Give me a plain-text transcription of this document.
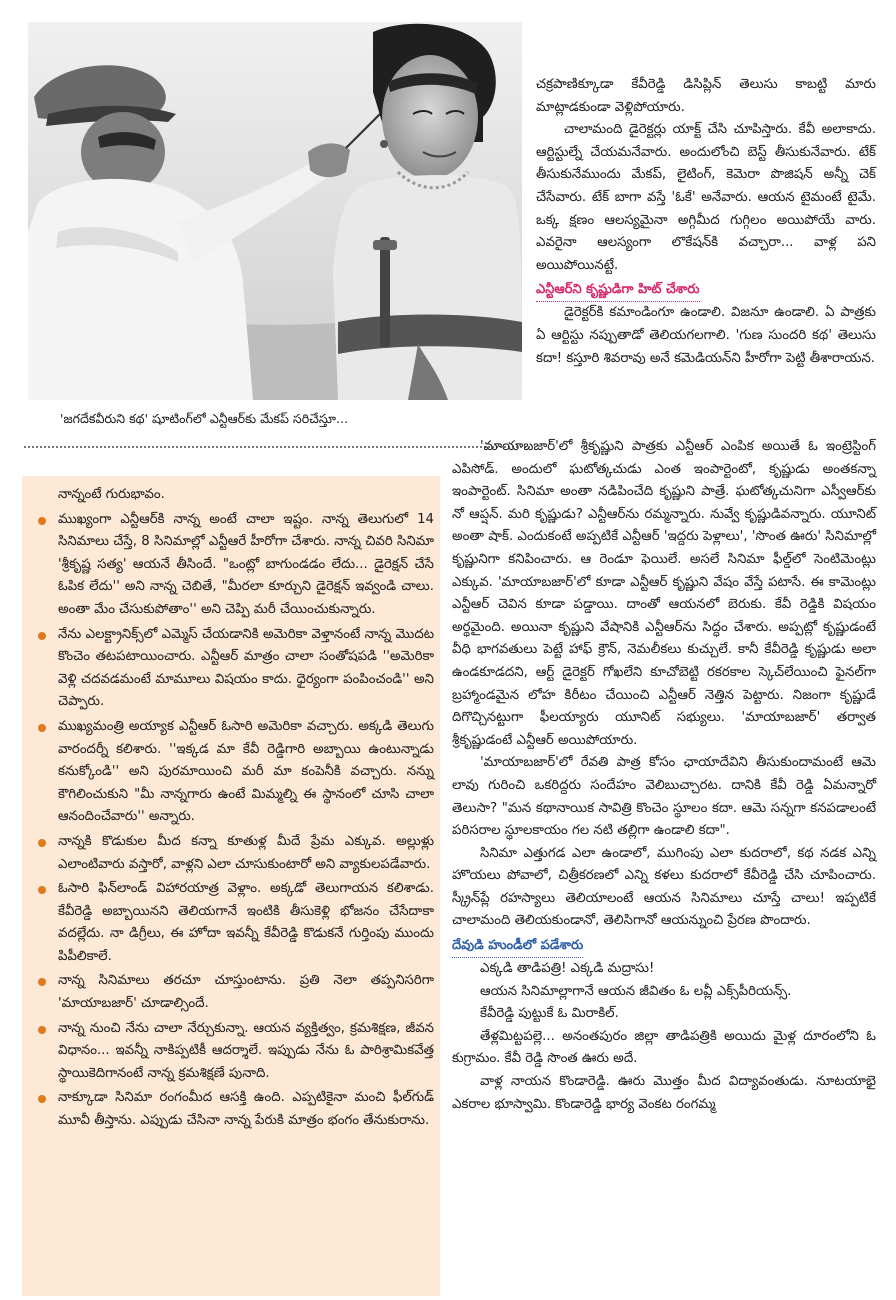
'జగదేకవీరుని కథ' షూటింగ్‌లో ఎన్టీఆర్‌కు మేకప్ సరిచేస్తూ...

నాన్నంటే గురుభావం.

ముఖ్యంగా ఎన్టీఆర్‌కి నాన్న అంటే చాలా ఇష్టం. నాన్న తెలుగులో 14 సినిమాలు చేస్తే, 8 సినిమాల్లో ఎన్టీఆరే హీరోగా చేశారు. నాన్న చివరి సినిమా 'శ్రీకృష్ణ సత్య' ఆయనే తీసిందే. "ఒంట్లో బాగుండడం లేదు... డైరెక్షన్ చేసే ఓపిక లేదు'' అని నాన్న చెబితే, "మీరలా కూర్చుని డైరెక్షన్ ఇవ్వండి చాలు. అంతా మేం చేసుకుపోతాం'' అని చెప్పి మరీ చేయించుకున్నారు.

నేను ఎలక్ట్రానిక్స్‌లో ఎమ్మెస్ చేయడానికి అమెరికా వెళ్తానంటే నాన్న మొదట కొంచెం తటపటాయించారు. ఎన్టీఆర్ మాత్రం చాలా సంతోషపడి ''అమెరికా వెళ్లి చదవడమంటే మామూలు విషయం కాదు. ధైర్యంగా పంపించండి'' అని చెప్పారు.

ముఖ్యమంత్రి అయ్యాక ఎన్టీఆర్ ఓసారి అమెరికా వచ్చారు. అక్కడి తెలుగు వారందర్నీ కలిశారు. ''ఇక్కడ మా కేవీ రెడ్డిగారి అబ్బాయి ఉంటున్నాడు కనుక్కోండి'' అని పురమాయించి మరీ మా కంపెనీకి వచ్చారు. నన్ను కౌగిలించుకుని "మీ నాన్నగారు ఉంటే మిమ్మల్ని ఈ స్థానంలో చూసి చాలా ఆనందించేవారు'' అన్నారు.

నాన్నకి కొడుకుల మీద కన్నా కూతుళ్ల మీదే ప్రేమ ఎక్కువ. అల్లుళ్లు ఎలాంటివారు వస్తారో, వాళ్లని ఎలా చూసుకుంటారో అని వ్యాకులపడేవారు.

ఓసారి ఫిన్‌లాండ్ విహారయాత్ర వెళ్లాం. అక్కడో తెలుగాయన కలిశాడు. కేవీరెడ్డి అబ్బాయినని తెలియగానే ఇంటికి తీసుకెళ్లి భోజనం చేసేదాకా వదల్లేదు. నా డిగ్రీలు, ఈ హోదా ఇవన్నీ కేవీరెడ్డి కొడుకనే గుర్తింపు ముందు పిపీలికాలే.

నాన్న సినిమాలు తరచూ చూస్తుంటాను. ప్రతి నెలా తప్పనిసరిగా 'మాయాబజార్' చూడాల్సిందే.

నాన్న నుంచి నేను చాలా నేర్చుకున్నా. ఆయన వ్యక్తిత్వం, క్రమశిక్షణ, జీవన విధానం... ఇవన్నీ నాకిప్పటికీ ఆదర్శాలే. ఇప్పుడు నేను ఓ పారిశ్రామికవేత్త స్థాయికెదిగానంటే నాన్న క్రమశిక్షణే పునాది.

నాక్కూడా సినిమా రంగంమీద ఆసక్తి ఉంది. ఎప్పటికైనా మంచి ఫీల్‌గుడ్ మూవీ తీస్తాను. ఎప్పుడు చేసినా నాన్న పేరుకి మాత్రం భంగం తేనుకురాను.

చక్రపాణిక్కూడా కేవీరెడ్డి డిసిప్లిన్ తెలుసు కాబట్టి మారు మాట్లాడకుండా వెళ్లిపోయారు.

చాలామంది డైరెక్టర్లు యాక్ట్ చేసి చూపిస్తారు. కేవీ అలాకాదు. ఆర్టిస్టుల్నే చేయమనేవారు. అందులోంచి బెస్ట్ తీసుకునేవారు. టేక్ తీసుకునేముందు మేకప్, లైటింగ్, కెమెరా పొజిషన్ అన్నీ చెక్ చేసేవారు. టేక్ బాగా వస్తే 'ఓకే' అనేవారు. ఆయన టైమంటే టైమే. ఒక్క క్షణం ఆలస్యమైనా అగ్గిమీద గుగ్గిలం అయిపోయే వారు. ఎవరైనా ఆలస్యంగా లొకేషన్‌కి వచ్చారా... వాళ్ల పని అయిపోయినట్టే.

ఎన్టీఆర్‌ని కృష్ణుడిగా హిట్ చేశారు

డైరెక్టర్‌కి కమాండింగూ ఉండాలి. విజనూ ఉండాలి. ఏ పాత్రకు ఏ ఆర్టిస్టు నప్పుతాడో తెలియగలగాలి. 'గుణ సుందరి కథ' తెలుసు కదా! కస్తూరి శివరావు అనే కమెడియన్‌ని హీరోగా పెట్టి తీశారాయన.

'మాయాబజార్'లో శ్రీకృష్ణుని పాత్రకు ఎన్టీఆర్ ఎంపిక అయితే ఓ ఇంట్రెస్టింగ్ ఎపిసోడ్. అందులో ఘటోత్కచుడు ఎంత ఇంపార్టెంటో, కృష్ణుడు అంతకన్నా ఇంపార్టెంట్. సినిమా అంతా నడిపించేది కృష్ణుని పాత్రే. ఘటోత్కచునిగా ఎస్వీఆర్‌కు నో ఆప్షన్. మరి కృష్ణుడు? ఎన్టీఆర్‌ను రమ్మన్నారు. నువ్వే కృష్ణుడివన్నారు. యూనిట్ అంతా షాక్. ఎందుకంటే అప్పటికే ఎన్టీఆర్ 'ఇద్దరు పెళ్లాలు', 'సొంత ఊరు' సినిమాల్లో కృష్ణునిగా కనిపించారు. ఆ రెండూ ఫెయిలే. అసలే సినిమా ఫీల్డ్‌లో సెంటిమెంట్లు ఎక్కువ. 'మాయాబజార్'లో కూడా ఎన్టీఆర్ కృష్ణుని వేషం వేస్తే పటాసే. ఈ కామెంట్లు ఎన్టీఆర్ చెవిన కూడా పడ్డాయి. దాంతో ఆయనలో బెరుకు. కేవీ రెడ్డికి విషయం అర్థమైంది. అయినా కృష్ణుని వేషానికి ఎన్టీఆర్‌ను సిద్ధం చేశారు. అప్పట్లో కృష్ణుడంటే వీధి భాగవతులు పెట్టే హాఫ్ క్రౌన్, నెమలీకలు కుచ్చులే. కానీ కేవీరెడ్డి కృష్ణుడు అలా ఉండకూడదని, ఆర్ట్ డైరెక్టర్ గోఖలేని కూచోబెట్టి రకరకాల స్కెచ్‌లేయించి ఫైనల్‌గా బ్రహ్మాండమైన లోహ కిరీటం చేయించి ఎన్టీఆర్ నెత్తిన పెట్టారు. నిజంగా కృష్ణుడే దిగొచ్చినట్టుగా ఫీలయ్యారు యూనిట్ సభ్యులు. 'మాయాబజార్' తర్వాత శ్రీకృష్ణుడంటే ఎన్టీఆర్ అయిపోయారు.

'మాయాబజార్'లో రేవతి పాత్ర కోసం ఛాయాదేవిని తీసుకుందామంటే ఆమె లావు గురించి ఒకరిద్దరు సందేహం వెలిబుచ్చారట. దానికి కేవీ రెడ్డి ఏమన్నారో తెలుసా? "మన కథానాయిక సావిత్రి కొంచెం స్థూలం కదా. ఆమె సన్నగా కనపడాలంటే పరిసరాల స్థూలకాయం గల నటి తల్లిగా ఉండాలి కదా".

సినిమా ఎత్తుగడ ఎలా ఉండాలో, ముగింపు ఎలా కుదరాలో, కథ నడక ఎన్ని హొయలు పోవాలో, చిత్రీకరణలో ఎన్ని కళలు కుదరాలో కేవీరెడ్డి చేసి చూపించారు. స్క్రీన్‌ప్లే రహస్యాలు తెలియాలంటే ఆయన సినిమాలు చూస్తే చాలు! ఇప్పటికే చాలామంది తెలియకుండానో, తెలిసిగానో ఆయన్నుంచి ప్రేరణ పొందారు.

దేవుడి హుండీలో పడేశారు

ఎక్కడి తాడిపత్రి! ఎక్కడి మద్రాసు!

ఆయన సినిమాల్లాగానే ఆయన జీవితం ఓ లవ్లీ ఎక్స్‌పీరియన్స్.

కేవీరెడ్డి పుట్టుకే ఓ మిరాకిల్.

తేళ్లమిట్టపల్లె... అనంతపురం జిల్లా తాడిపత్రికి అయిదు మైళ్ల దూరంలోని ఓ కుగ్రామం. కేవీ రెడ్డి సొంత ఊరు అదే.

వాళ్ల నాయన కొండారెడ్డి. ఊరు మొత్తం మీద విద్యావంతుడు. నూటయాభై ఎకరాల భూస్వామి. కొండారెడ్డి భార్య వెంకట రంగమ్మ
